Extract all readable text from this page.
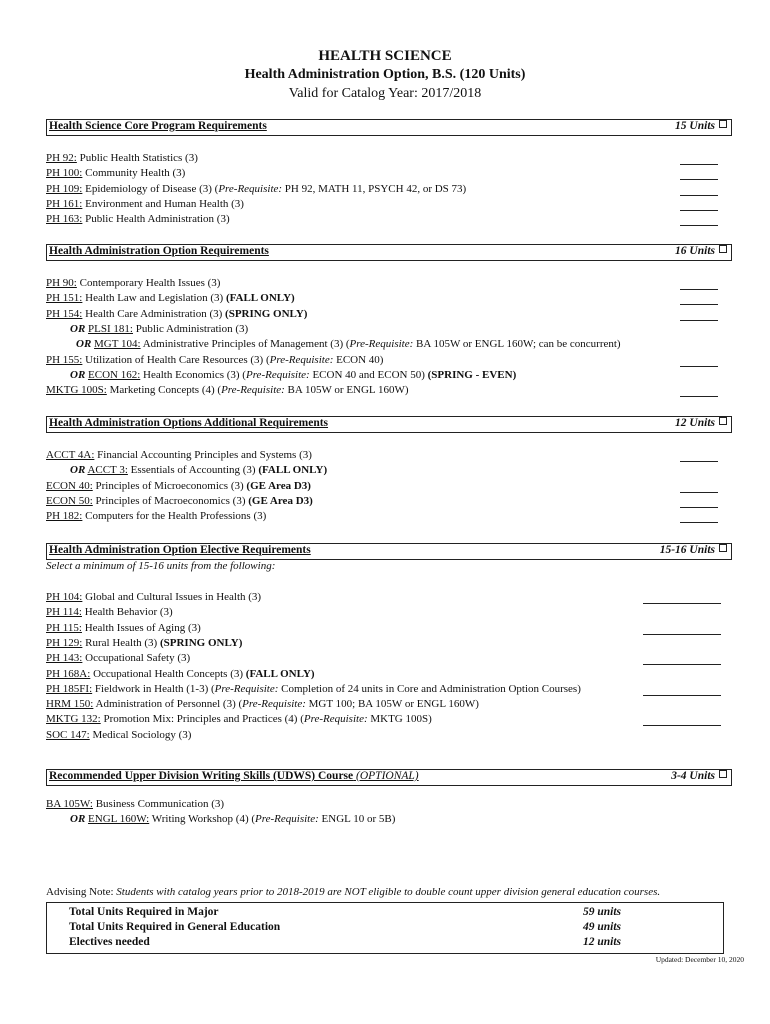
HEALTH SCIENCE
Health Administration Option, B.S. (120 Units)
Valid for Catalog Year: 2017/2018
Health Science Core Program Requirements	15 Units
PH 92: Public Health Statistics (3)
PH 100: Community Health (3)
PH 109: Epidemiology of Disease (3) (Pre-Requisite: PH 92, MATH 11, PSYCH 42, or DS 73)
PH 161: Environment and Human Health (3)
PH 163: Public Health Administration (3)
Health Administration Option Requirements	16 Units
PH 90: Contemporary Health Issues (3)
PH 151: Health Law and Legislation (3) (FALL ONLY)
PH 154: Health Care Administration (3) (SPRING ONLY)
OR PLSI 181: Public Administration (3)
OR MGT 104: Administrative Principles of Management (3) (Pre-Requisite: BA 105W or ENGL 160W; can be concurrent)
PH 155: Utilization of Health Care Resources (3) (Pre-Requisite: ECON 40)
OR ECON 162: Health Economics (3) (Pre-Requisite: ECON 40 and ECON 50) (SPRING - EVEN)
MKTG 100S: Marketing Concepts (4) (Pre-Requisite: BA 105W or ENGL 160W)
Health Administration Options Additional Requirements	12 Units
ACCT 4A: Financial Accounting Principles and Systems (3)
OR ACCT 3: Essentials of Accounting (3) (FALL ONLY)
ECON 40: Principles of Microeconomics (3) (GE Area D3)
ECON 50: Principles of Macroeconomics (3) (GE Area D3)
PH 182: Computers for the Health Professions (3)
Health Administration Option Elective Requirements	15-16 Units
Select a minimum of 15-16 units from the following:
PH 104: Global and Cultural Issues in Health (3)
PH 114: Health Behavior (3)
PH 115: Health Issues of Aging (3)
PH 129: Rural Health (3) (SPRING ONLY)
PH 143: Occupational Safety (3)
PH 168A: Occupational Health Concepts (3) (FALL ONLY)
PH 185FI: Fieldwork in Health (1-3) (Pre-Requisite: Completion of 24 units in Core and Administration Option Courses)
HRM 150: Administration of Personnel (3) (Pre-Requisite: MGT 100; BA 105W or ENGL 160W)
MKTG 132: Promotion Mix: Principles and Practices (4) (Pre-Requisite: MKTG 100S)
SOC 147: Medical Sociology (3)
Recommended Upper Division Writing Skills (UDWS) Course (OPTIONAL)	3-4 Units
BA 105W: Business Communication (3)
OR ENGL 160W: Writing Workshop (4) (Pre-Requisite: ENGL 10 or 5B)
Advising Note: Students with catalog years prior to 2018-2019 are NOT eligible to double count upper division general education courses.
Total Units Required in Major	59 units
Total Units Required in General Education	49 units
Electives needed	12 units
Updated: December 10, 2020
